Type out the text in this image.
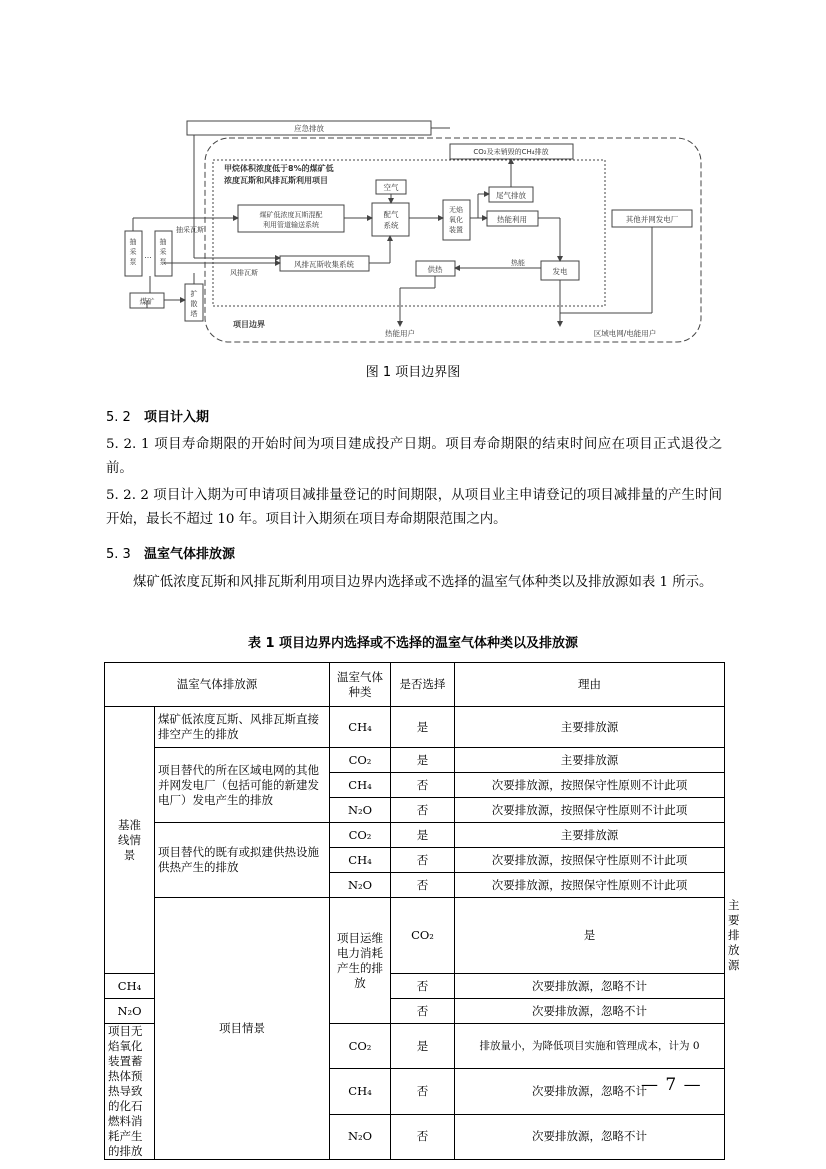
应急排放
CO₂及未销毁的CH₄排放
甲烷体积浓度低于8%的煤矿低
浓度瓦斯和风排瓦斯利用项目
空气
配气
系统
煤矿低浓度瓦斯混配
利用管道输送系统
无焰
氧化
装置
尾气排放
热能利用	其他并网发电厂
抽采瓦斯
抽采泵
抽采泵
…
风排瓦斯
风排瓦斯收集系统
供热
热能
发电
煤矿
扩
散
塔
项目边界
热能用户	区域电网/电能用户
图 1 项目边界图
5. 2 项目计入期
5. 2. 1 项目寿命期限的开始时间为项目建成投产日期。项目寿命期限的结束时间应在项目正式退役之前。
5. 2. 2 项目计入期为可申请项目减排量登记的时间期限，从项目业主申请登记的项目减排量的产生时间开始，最长不超过 10 年。项目计入期须在项目寿命期限范围之内。
5. 3 温室气体排放源
煤矿低浓度瓦斯和风排瓦斯利用项目边界内选择或不选择的温室气体种类以及排放源如表 1 所示。
表 1 项目边界内选择或不选择的温室气体种类以及排放源
温室气体排放源		温室气体种类	是否选择	理由	
基准线情景	煤矿低浓度瓦斯、风排瓦斯直接排空产生的排放	CH₄	是	主要排放源	
	项目替代的所在区域电网的其他并网发电厂（包括可能的新建发电厂）发电产生的排放	CO₂	是	主要排放源	
		CH₄	否	次要排放源，按照保守性原则不计此项	
		N₂O	否	次要排放源，按照保守性原则不计此项	
	项目替代的既有或拟建供热设施供热产生的排放	CO₂	是	主要排放源	
		CH₄	否	次要排放源，按照保守性原则不计此项	
		N₂O	否	次要排放源，按照保守性原则不计此项	
	项目情景	项目运维电力消耗产生的排放	CO₂	是	主要排放源
CH₄			否	次要排放源，忽略不计	
N₂O			否	次要排放源，忽略不计	
项目无焰氧化装置蓄热体预热导致的化石燃料消耗产生的排放		CO₂	是	排放量小，为降低项目实施和管理成本，计为 0	
		CH₄	否	次要排放源，忽略不计	
		N₂O	否	次要排放源，忽略不计	
— 7 —
